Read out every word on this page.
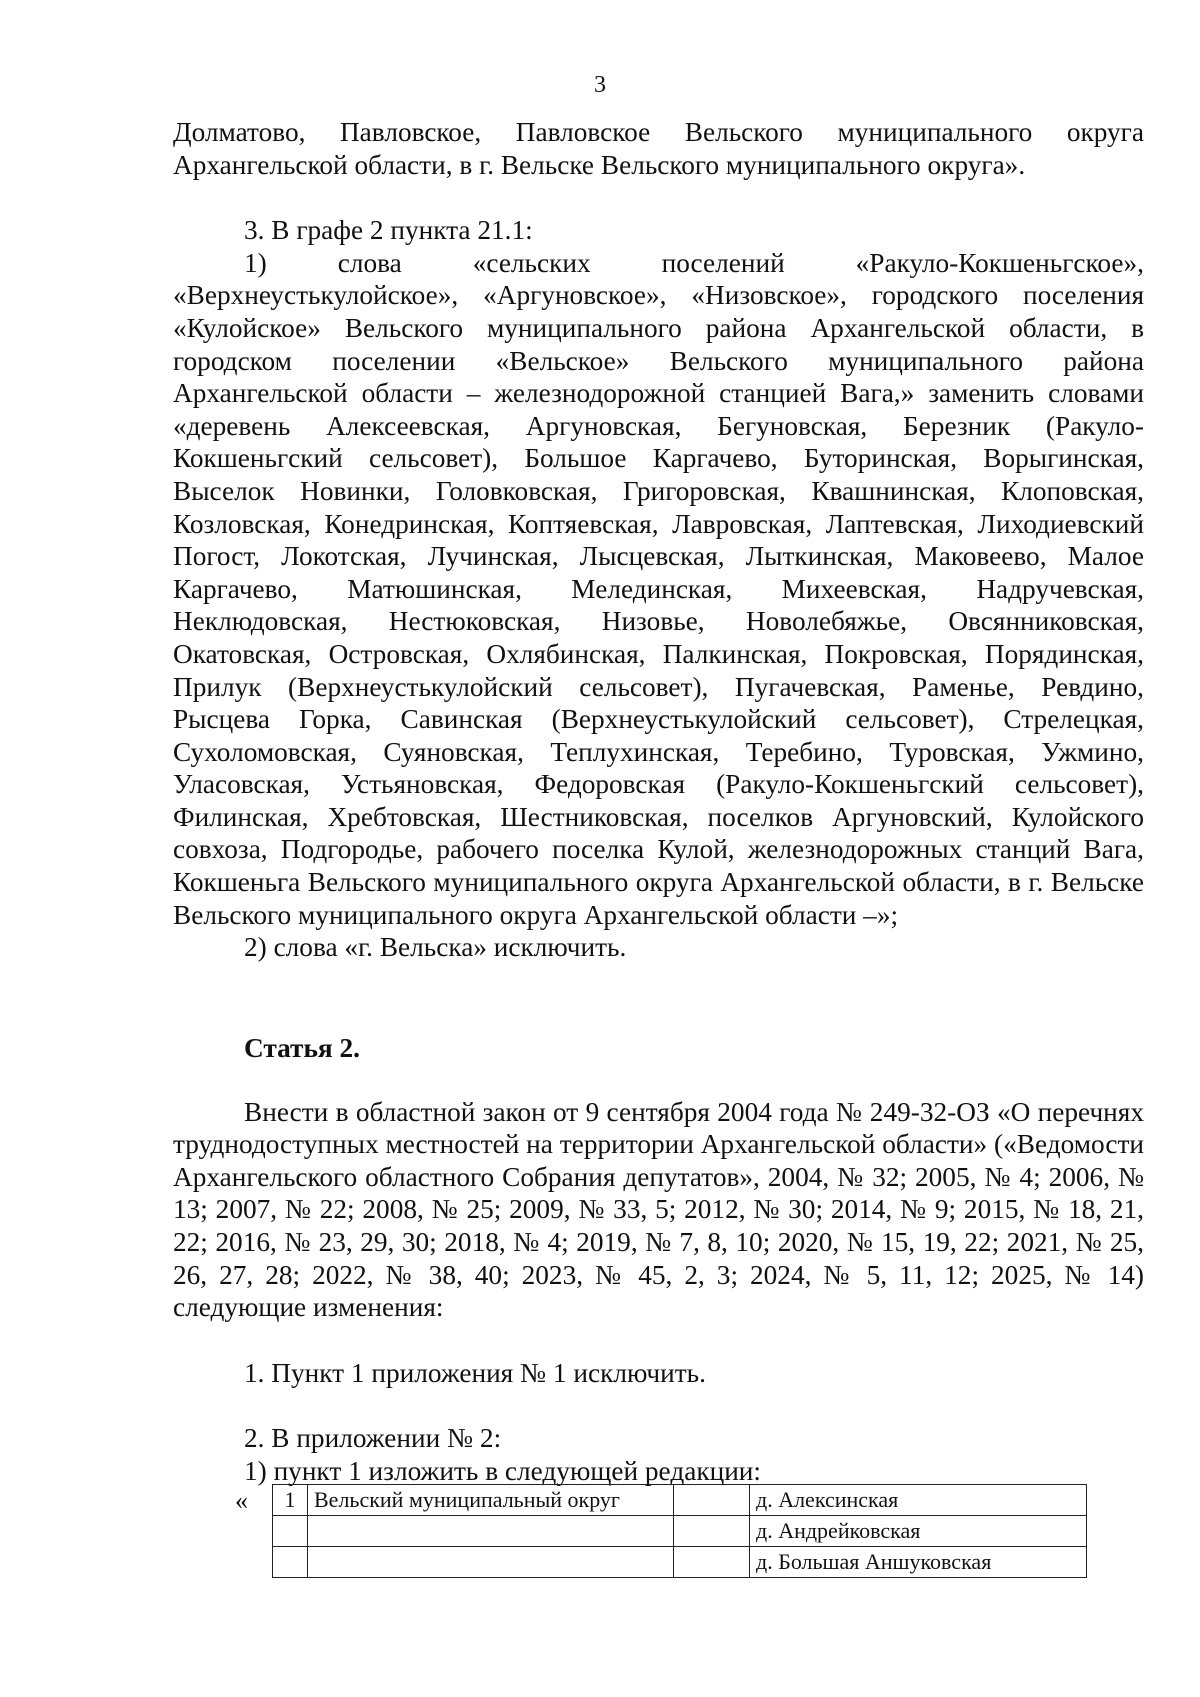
3

Долматово, Павловское, Павловское Вельского муниципального округа Архангельской области, в г. Вельске Вельского муниципального округа».

3. В графе 2 пункта 21.1:

1) слова «сельских поселений «Ракуло-Кокшеньгское», «Верхнеустькулойское», «Аргуновское», «Низовское», городского поселения «Кулойское» Вельского муниципального района Архангельской области, в городском поселении «Вельское» Вельского муниципального района Архангельской области – железнодорожной станцией Вага,» заменить словами «деревень Алексеевская, Аргуновская, Бегуновская, Березник (Ракуло-Кокшеньгский сельсовет), Большое Каргачево, Буторинская, Ворыгинская, Выселок Новинки, Головковская, Григоровская, Квашнинская, Клоповская, Козловская, Конедринская, Коптяевская, Лавровская, Лаптевская, Лиходиевский Погост, Локотская, Лучинская, Лысцевская, Лыткинская, Маковеево, Малое Каргачево, Матюшинская, Мелединская, Михеевская, Надручевская, Неклюдовская, Нестюковская, Низовье, Новолебяжье, Овсянниковская, Окатовская, Островская, Охлябинская, Палкинская, Покровская, Порядинская, Прилук (Верхнеустькулойский сельсовет), Пугачевская, Раменье, Ревдино, Рысцева Горка, Савинская (Верхнеустькулойский сельсовет), Стрелецкая, Сухоломовская, Суяновская, Теплухинская, Теребино, Туровская, Ужмино, Уласовская, Устьяновская, Федоровская (Ракуло-Кокшеньгский сельсовет), Филинская, Хребтовская, Шестниковская, поселков Аргуновский, Кулойского совхоза, Подгородье, рабочего поселка Кулой, железнодорожных станций Вага, Кокшеньга Вельского муниципального округа Архангельской области, в г. Вельске Вельского муниципального округа Архангельской области –»;

2) слова «г. Вельска» исключить.

Статья 2.

Внести в областной закон от 9 сентября 2004 года № 249-32-ОЗ «О перечнях труднодоступных местностей на территории Архангельской области» («Ведомости Архангельского областного Собрания депутатов», 2004, № 32; 2005, № 4; 2006, № 13; 2007, № 22; 2008, № 25; 2009, № 33, 5; 2012, № 30; 2014, № 9; 2015, № 18, 21, 22; 2016, № 23, 29, 30; 2018, № 4; 2019, № 7, 8, 10; 2020, № 15, 19, 22; 2021, № 25, 26, 27, 28; 2022, № 38, 40; 2023, № 45, 2, 3; 2024, № 5, 11, 12; 2025, № 14) следующие изменения:

1. Пункт 1 приложения № 1 исключить.

2. В приложении № 2:

1) пункт 1 изложить в следующей редакции:

« 1	Вельский муниципальный округ		д. Алексинская
			д. Андрейковская
			д. Большая Аншуковская
